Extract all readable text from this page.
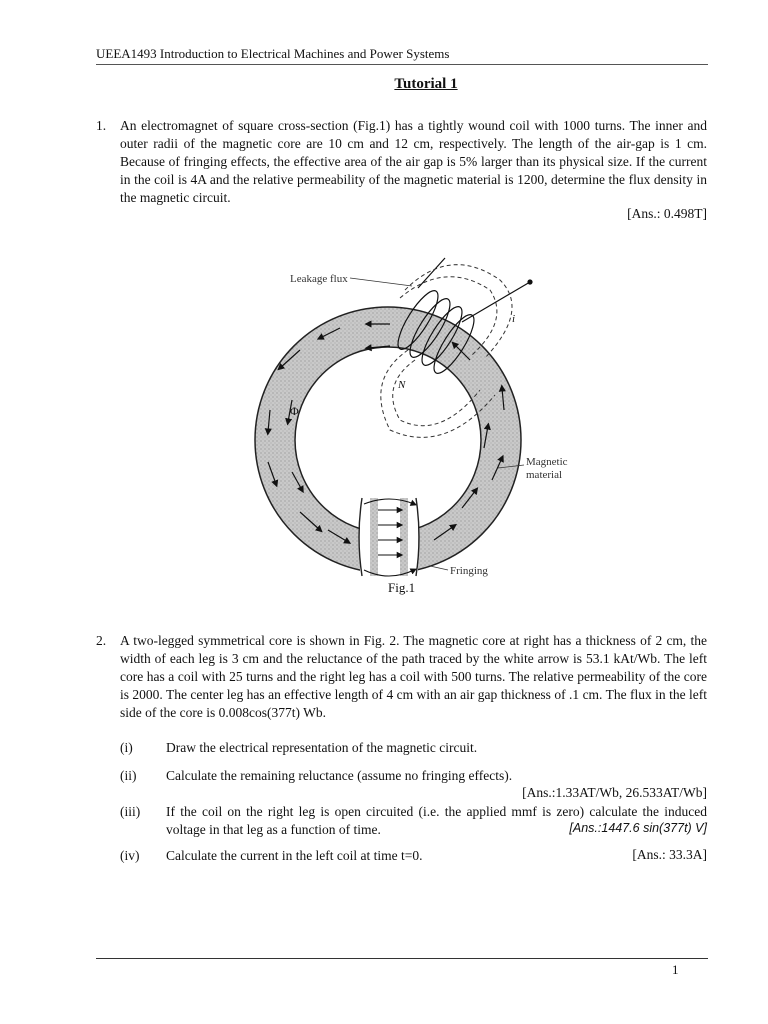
UEEA1493 Introduction to Electrical Machines and Power Systems
Tutorial 1
1. An electromagnet of square cross-section (Fig.1) has a tightly wound coil with 1000 turns. The inner and outer radii of the magnetic core are 10 cm and 12 cm, respectively. The length of the air-gap is 1 cm. Because of fringing effects, the effective area of the air gap is 5% larger than its physical size. If the current in the coil is 4A and the relative permeability of the magnetic material is 1200, determine the flux density in the magnetic circuit.
[Ans.: 0.498T]
Leakage flux
Magnetic
material
Fringing
Φ
N
i
Fig.1
2. A two-legged symmetrical core is shown in Fig. 2. The magnetic core at right has a thickness of 2 cm, the width of each leg is 3 cm and the reluctance of the path traced by the white arrow is 53.1 kAt/Wb. The left core has a coil with 25 turns and the right leg has a coil with 500 turns. The relative permeability of the core is 2000. The center leg has an effective length of 4 cm with an air gap thickness of .1 cm. The flux in the left side of the core is 0.008cos(377t) Wb.
(i) Draw the electrical representation of the magnetic circuit.
(ii) Calculate the remaining reluctance (assume no fringing effects).
[Ans.:1.33AT/Wb, 26.533AT/Wb]
(iii) If the coil on the right leg is open circuited (i.e. the applied mmf is zero) calculate the induced voltage in that leg as a function of time.	[Ans.:1447.6 sin(377t) V]
(iv) Calculate the current in the left coil at time t=0.	[Ans.: 33.3A]
1
